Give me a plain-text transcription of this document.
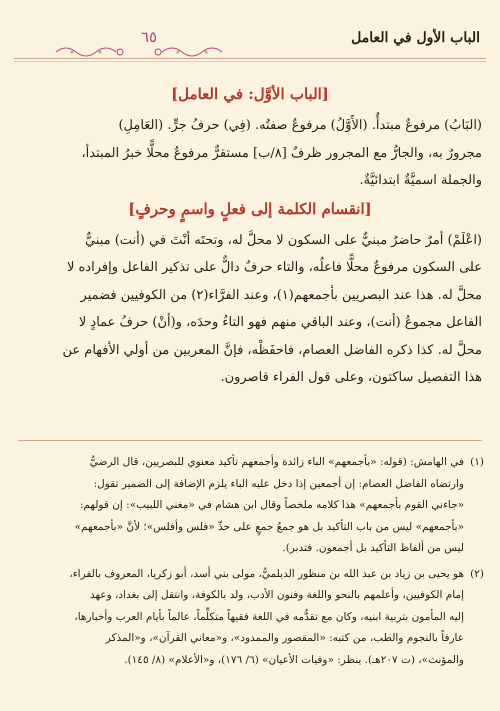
الباب الأول في العامل
٦٥
[الباب الأوَّل: في العامل]

(البَابُ) مرفوعٌ مبتدأٌ. (الأَوَّلُ) مرفوعٌ صفتُه. (فِي) حرفُ جرٍّ. (العَامِلِ)
مجرورٌ به، والجارُّ مع المجرور ظرفٌ [٨/ب] مستقرٌّ مرفوعٌ محلًّا خبرُ المبتدأ،
والجملة اسميَّةٌ ابتدائيَّةٌ.

[انقسام الكلمة إلى فعلٍ واسمٍ وحرفٍ]

(اعْلَمْ) أمرٌ حاضرٌ مبنيٌّ على السكون لا محلَّ له، وتحتَه أنْتَ في (أنت) مبنيٌّ
على السكون مرفوعٌ محلًّا فاعلُه، والتاء حرفٌ دالٌّ على تذكير الفاعل وإفراده لا
محلَّ له. هذا عند البصريين بأجمعهم(١)، وعند الفرَّاء(٢) من الكوفيين فضمير
الفاعل مجموعُ (أنت)، وعند الباقي منهم فهو التاءُ وحدَه، و(أنْ) حرفُ عمادٍ لا
محلَّ له. كذا ذكره الفاضل العصام، فاحفَظْه، فإنَّ المعربين من أولي الأفهام عن
هذا التفصيل ساكتون، وعلى قول الفراء قاصرون.

(١)في الهامش: (قوله: «بأجمعهم» الباء زائدة وأجمعهم تأكيد معنوي للبصريين، قال الرضيُّ
وارتضاه الفاضل العصام: إن أجمعين إذا دخل عليه الباء يلزم الإضافة إلى الضمير تقول:
«جاءني القوم بأجمعهم» هذا كلامه ملخصاً وقال ابن هشام في «مغني اللبيب»: إن قولهم:
«بأجمعهم» ليس من باب التأكيد بل هو جمعُ جمعٍ على حدِّ «فلس وأفلس»؛ لأنَّ «بأجمعهم»
ليس من ألفاظ التأكيد بل أجمعون. فتدبر).
(٢)هو يحيى بن زياد بن عبد الله بن منظور الديلميُّ، مولى بني أسد، أبو زكريا، المعروف بالفراء،
إمام الكوفيين، وأعلمهم بالنحو واللغة وفنون الأدب، ولد بالكوفة، وانتقل إلى بغداد، وعهد
إليه المأمون بتربية ابنيه، وكان مع تقدُّمه في اللغة فقيهاً متكلِّماً، عالماً بأيام العرب وأخبارها،
عارفاً بالنجوم والطب، من كتبه: «المقصور والممدود»، و«معاني القرآن»، و«المذكر
والمؤنث»، (ت ٢٠٧هـ). ينظر: «وفيات الأعيان» (٦/ ١٧٦)، و«الأعلام» (٨/ ١٤٥).
